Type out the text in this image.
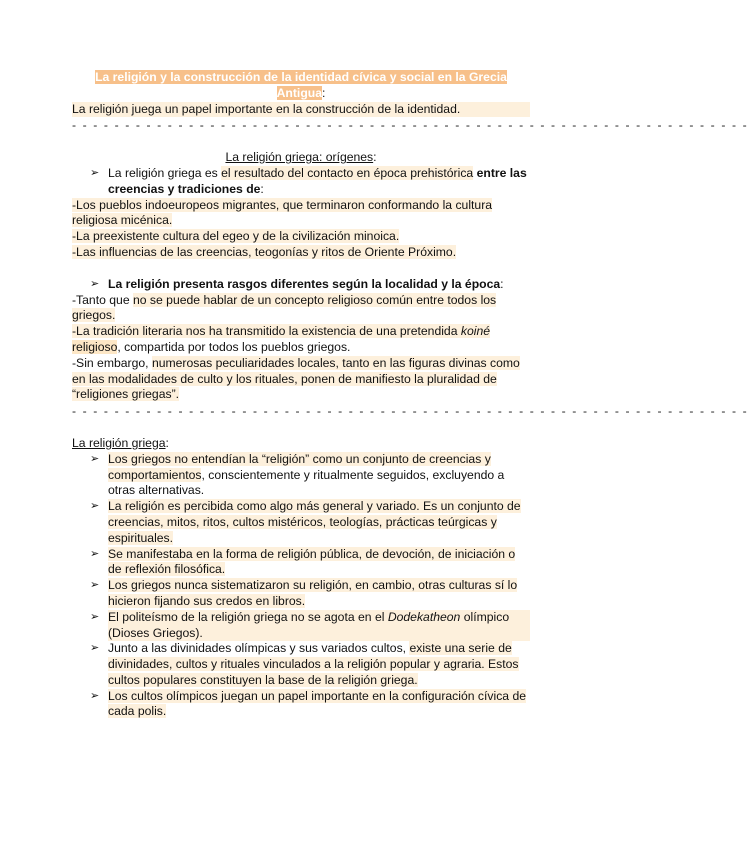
La religión y la construcción de la identidad cívica y social en la Grecia Antigua:

La religión juega un papel importante en la construcción de la identidad.

- - - - - - - - - - - - - - - - - - - - - - - - - - - - - - - - - - - - - - - - - - - - - - - - - - - - - - - - - - - - - - - -

La religión griega: orígenes:

➢ La religión griega es el resultado del contacto en época prehistórica entre las creencias y tradiciones de:

-Los pueblos indoeuropeos migrantes, que terminaron conformando la cultura religiosa micénica.

-La preexistente cultura del egeo y de la civilización minoica.

-Las influencias de las creencias, teogonías y ritos de Oriente Próximo.

➢ La religión presenta rasgos diferentes según la localidad y la época:

-Tanto que no se puede hablar de un concepto religioso común entre todos los griegos.

-La tradición literaria nos ha transmitido la existencia de una pretendida koiné religioso, compartida por todos los pueblos griegos.

-Sin embargo, numerosas peculiaridades locales, tanto en las figuras divinas como en las modalidades de culto y los rituales, ponen de manifiesto la pluralidad de “religiones griegas”.

- - - - - - - - - - - - - - - - - - - - - - - - - - - - - - - - - - - - - - - - - - - - - - - - - - - - - - - - - - - - - - - -

La religión griega:

➢ Los griegos no entendían la “religión” como un conjunto de creencias y comportamientos, conscientemente y ritualmente seguidos, excluyendo a otras alternativas.
➢ La religión es percibida como algo más general y variado. Es un conjunto de creencias, mitos, ritos, cultos mistéricos, teologías, prácticas teúrgicas y espirituales.
➢ Se manifestaba en la forma de religión pública, de devoción, de iniciación o de reflexión filosófica.
➢ Los griegos nunca sistematizaron su religión, en cambio, otras culturas sí lo hicieron fijando sus credos en libros.
➢ El politeísmo de la religión griega no se agota en el Dodekatheon olímpico (Dioses Griegos).
➢ Junto a las divinidades olímpicas y sus variados cultos, existe una serie de divinidades, cultos y rituales vinculados a la religión popular y agraria. Estos cultos populares constituyen la base de la religión griega.
➢ Los cultos olímpicos juegan un papel importante en la configuración cívica de cada polis.
